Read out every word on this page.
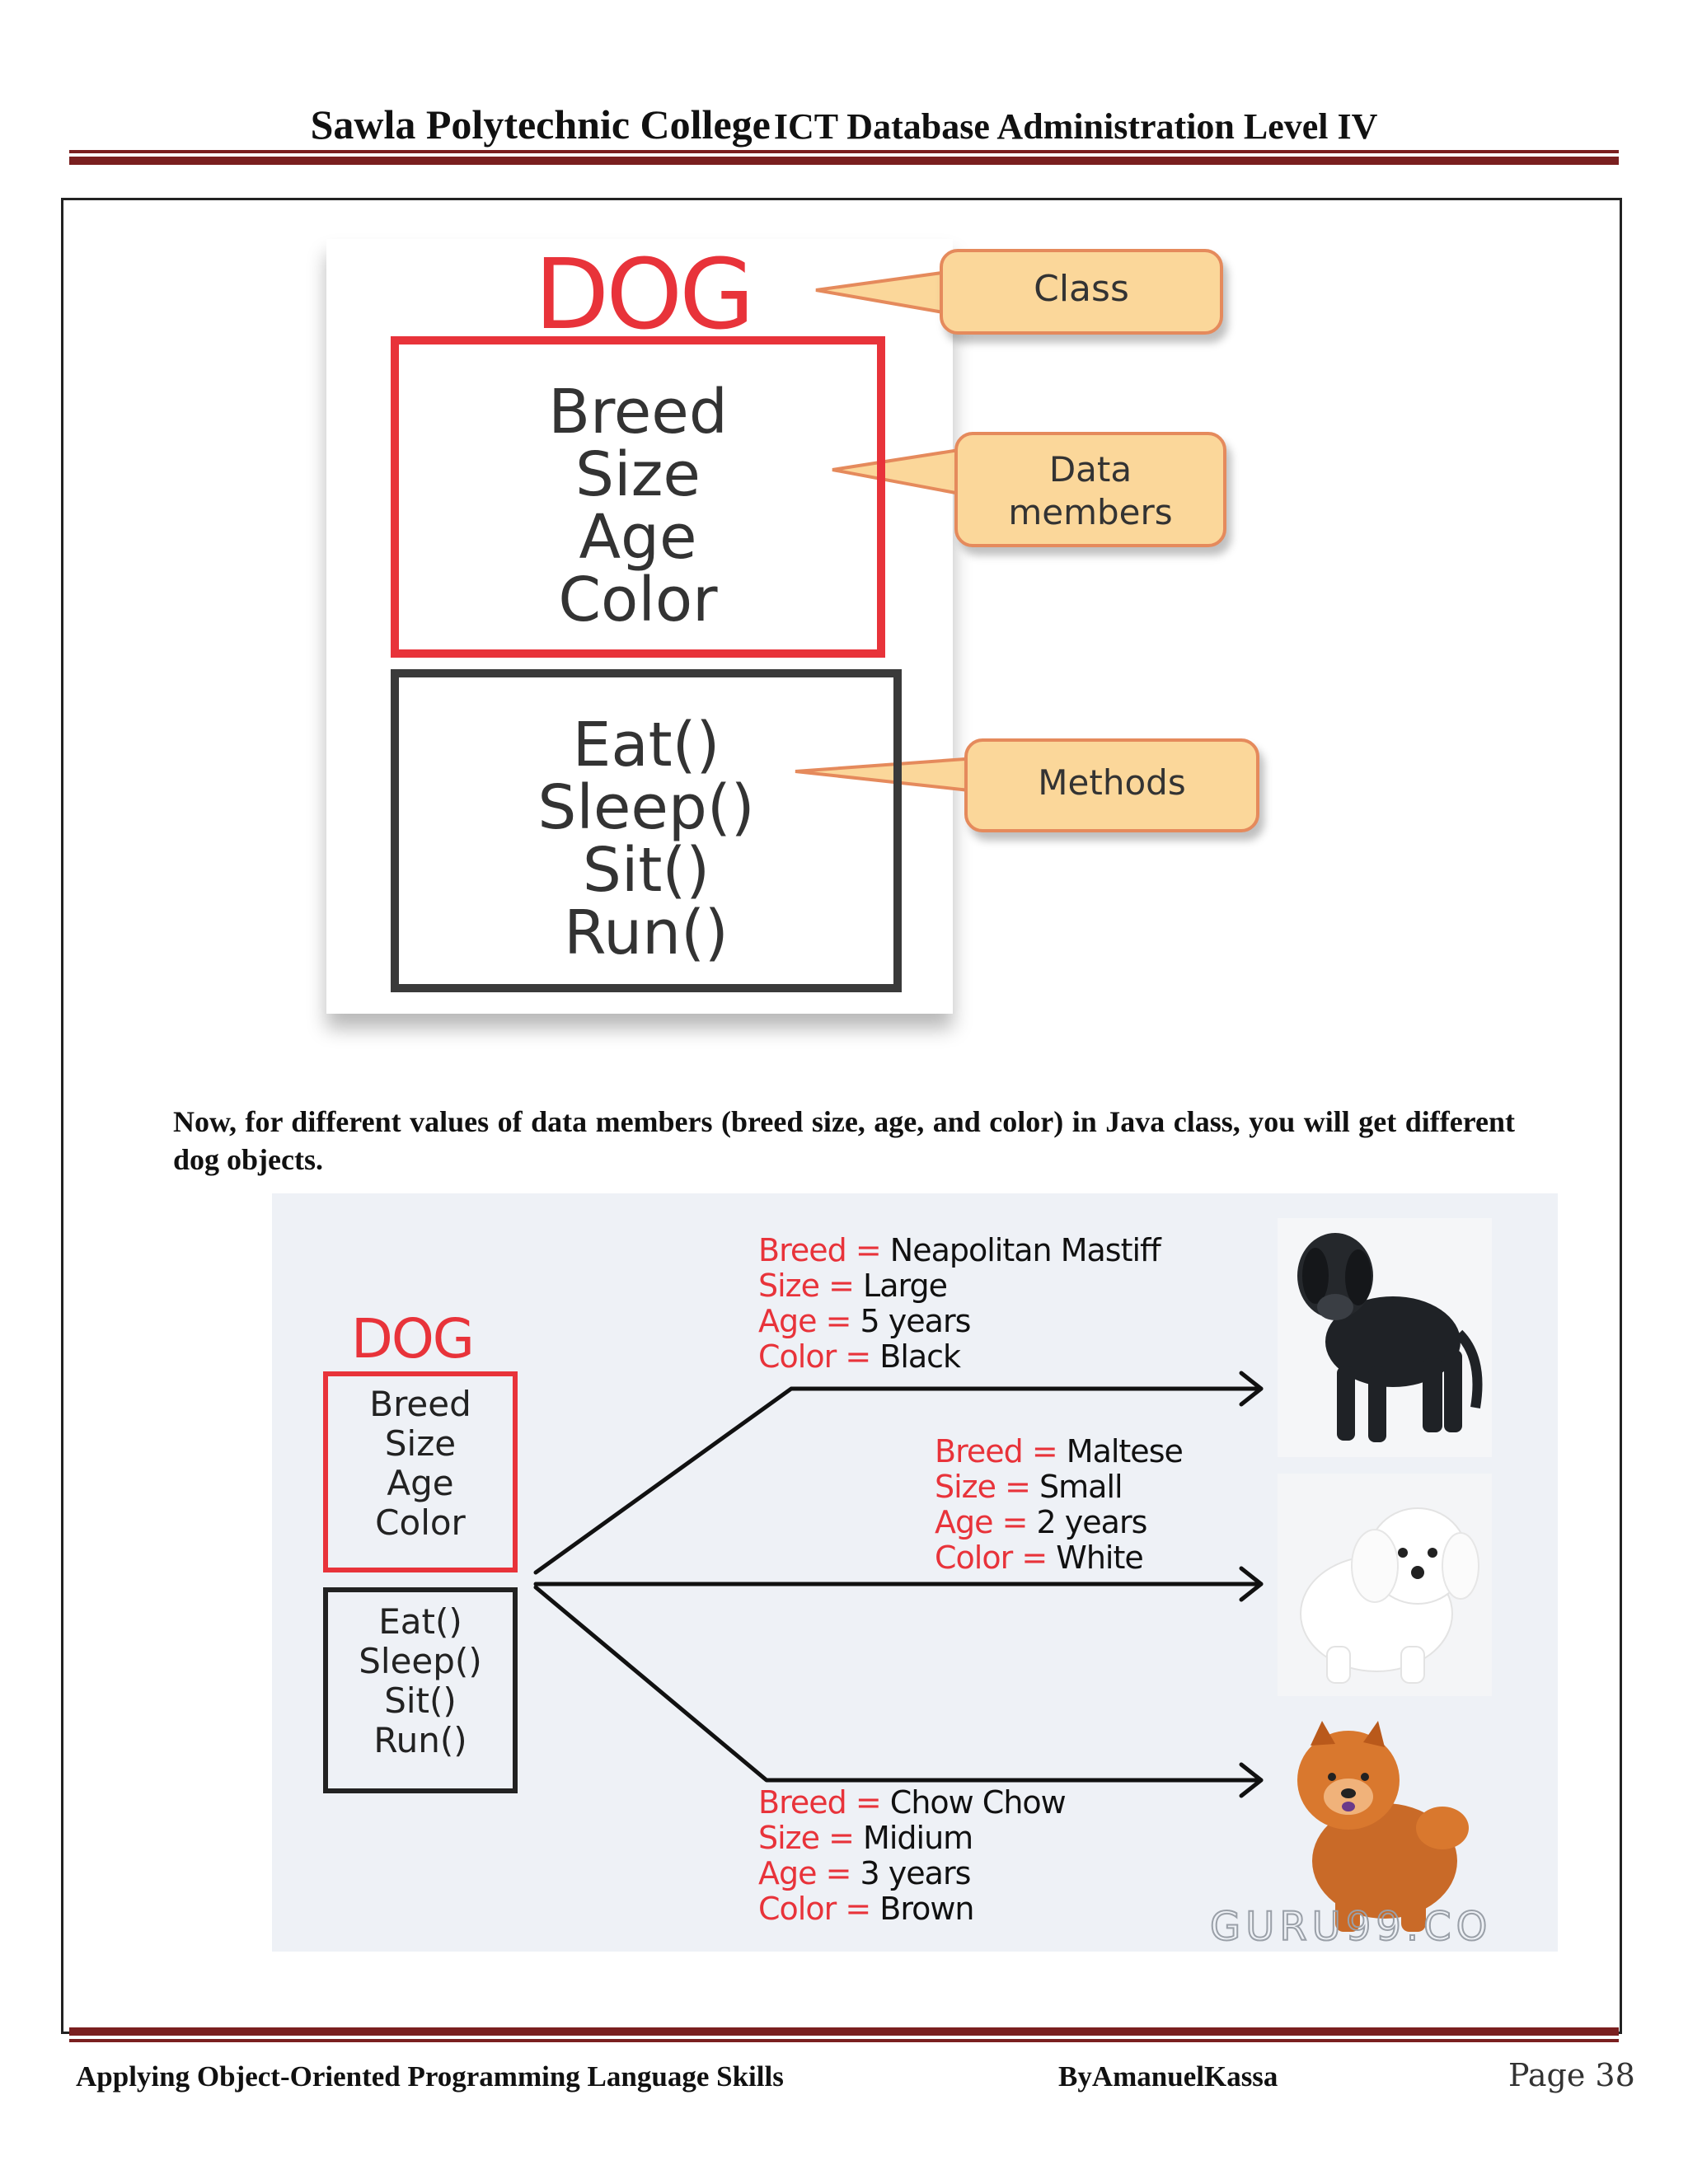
Sawla Polytechnic College ICT Database Administration Level IV
DOG
Breed
Size
Age
Color
Eat()
Sleep()
Sit()
Run()
Class
Data
members
Methods
Now, for different values of data members (breed size, age, and color) in Java class, you will get different dog objects.
DOG
Breed
Size
Age
Color
Eat()
Sleep()
Sit()
Run()
Breed = Neapolitan Mastiff
Size = Large
Age = 5 years
Color = Black
Breed = Maltese
Size = Small
Age = 2 years
Color = White
Breed = Chow Chow
Size = Midium
Age = 3 years
Color = Brown	GURU99.CO
Applying Object-Oriented Programming Language Skills	ByAmanuelKassa	Page 38
